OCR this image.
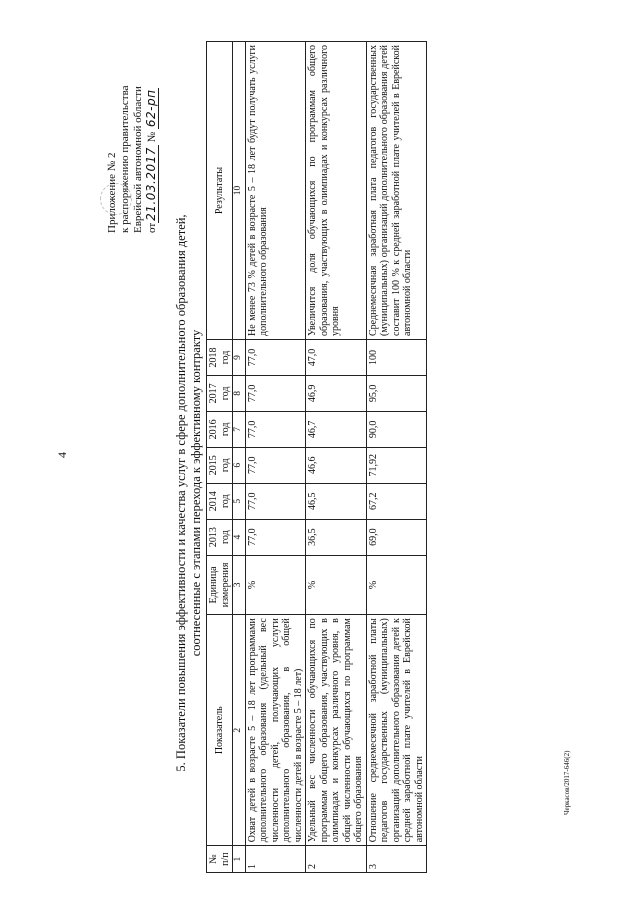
4
Черкасов/2017-646(2)
Приложение № 2 к распоряжению правительства Еврейской автономной области от21.03.2017 № 62-рп
5. Показатели повышения эффективности и качества услуг в сфере дополнительного образования детей, соотнесенные с этапами перехода к эффективному контракту
№ п/п	Показатель	Единица измерения	2013 год	2014 год	2015 год	2016 год	2017 год	2018 год	Результаты
1	2	3	4	5	6	7	8	9	10
1	Охват детей в возрасте 5 – 18 лет программами дополнительного образования (удельный вес численности детей, получающих услуги дополнительного образования, в общей численности детей в возрасте 5 – 18 лет)	%	77,0	77,0	77,0	77,0	77,0	77,0	Не менее 73 % детей в возрасте 5 – 18 лет будут получать услуги дополнительного образования
2	Удельный вес численности обучающихся по программам общего образования, участвующих в олимпиадах и конкурсах различного уровня, в общей численности обучающихся по программам общего образования	%	36,5	46,5	46,6	46,7	46,9	47,0	Увеличится доля обучающихся по программам общего образования, участвующих в олимпиадах и конкурсах различного уровня
3	Отношение среднемесячной заработной платы педагогов государственных (муниципальных) организаций дополнительного образования детей к средней заработной плате учителей в Еврейской автономной области	%	69,0	67,2	71,92	90,0	95,0	100	Среднемесячная заработная плата педагогов государственных (муниципальных) организаций дополнительного образования детей составит 100 % к средней заработной плате учителей в Еврейской автономной области
